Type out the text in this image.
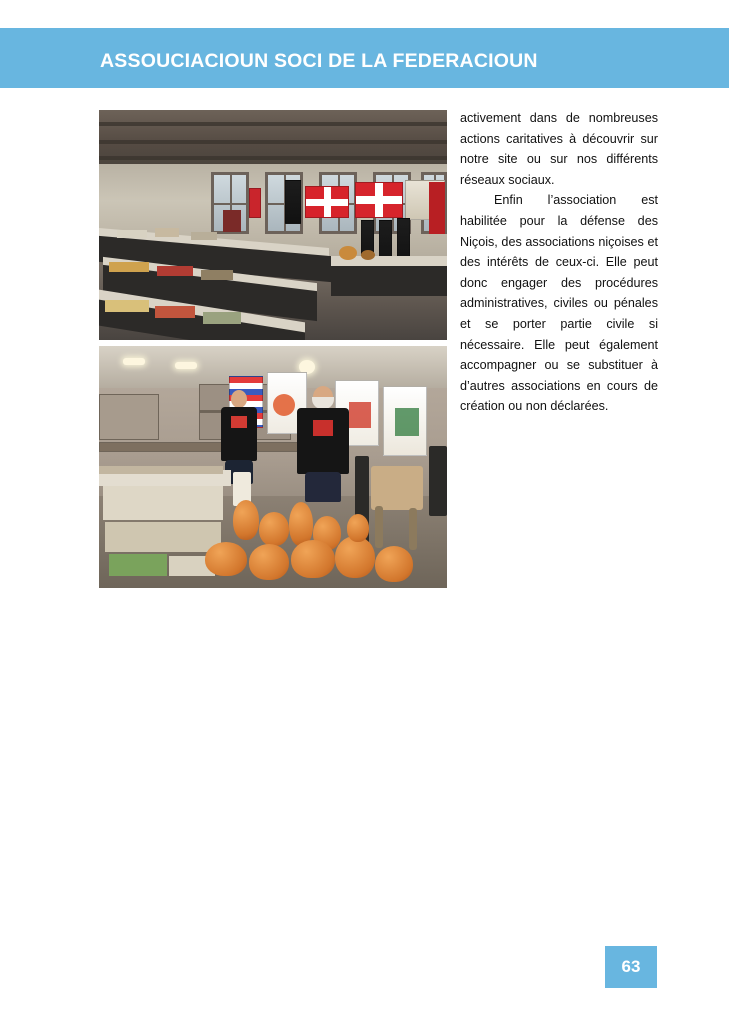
ASSOUCIACIOUN SOCI DE LA FEDERACIOUN

activement dans de nombreuses actions caritatives à découvrir sur notre site ou sur nos différents réseaux sociaux.

Enfin l’association est habilitée pour la défense des Niçois, des associations niçoises et des intérêts de ceux-ci. Elle peut donc engager des procédures administratives, civiles ou pénales et se porter partie civile si nécessaire. Elle peut également accompagner ou se substituer à d’autres associations en cours de création ou non déclarées.

63
